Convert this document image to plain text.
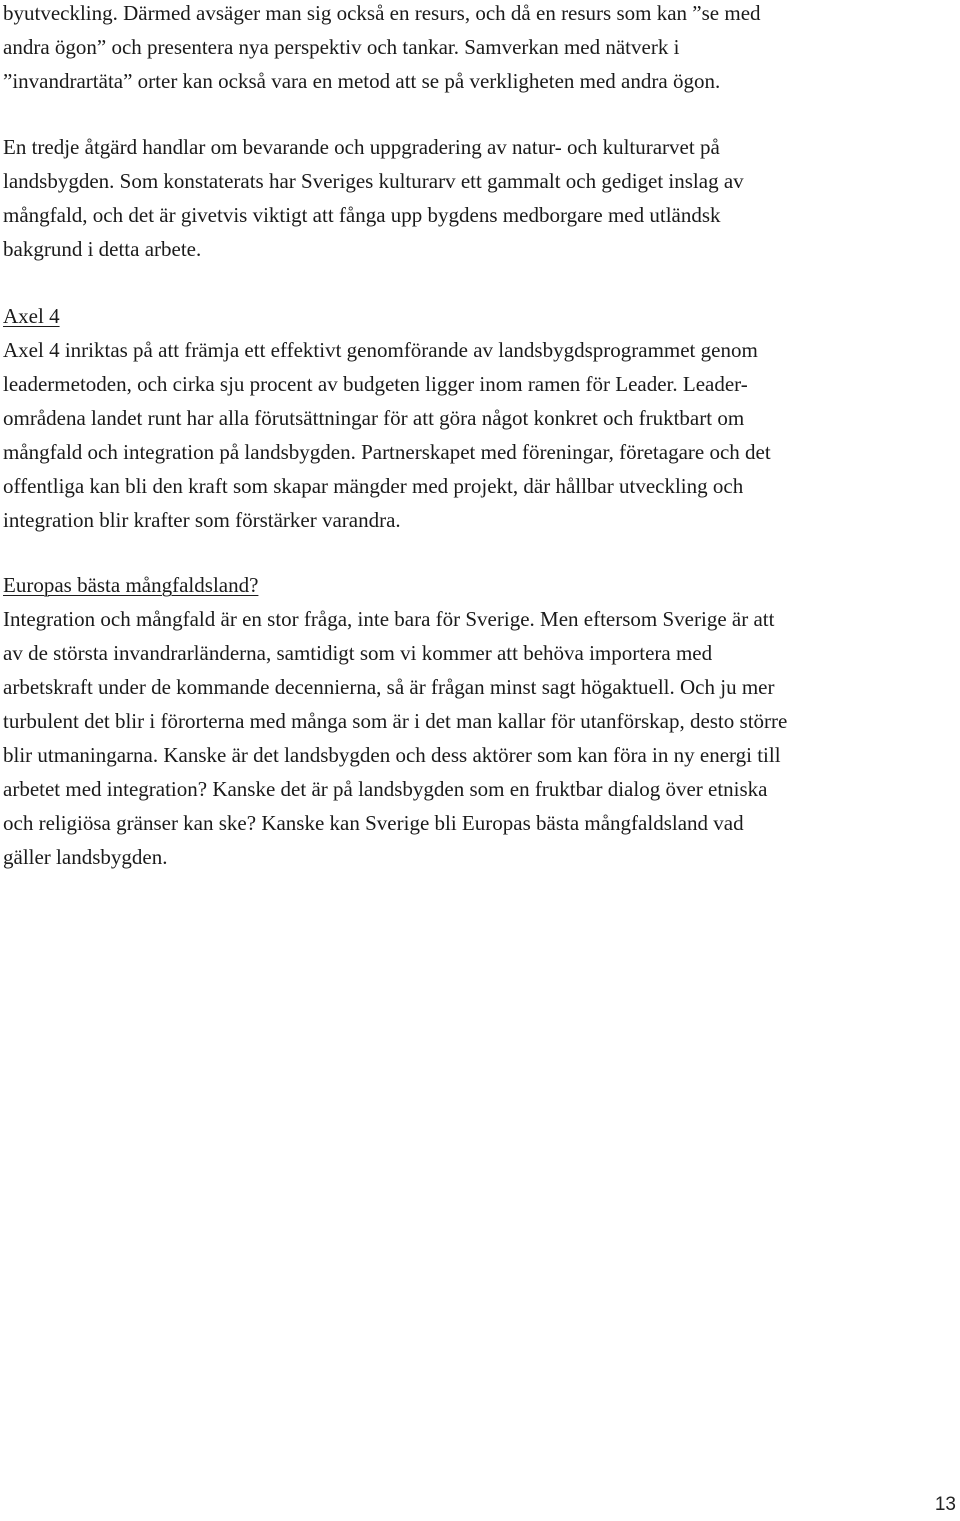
byutveckling. Därmed avsäger man sig också en resurs, och då en resurs som kan ”se med
andra ögon” och presentera nya perspektiv och tankar. Samverkan med nätverk i
”invandrartäta” orter kan också vara en metod att se på verkligheten med andra ögon.
En tredje åtgärd handlar om bevarande och uppgradering av natur- och kulturarvet på
landsbygden. Som konstaterats har Sveriges kulturarv ett gammalt och gediget inslag av
mångfald, och det är givetvis viktigt att fånga upp bygdens medborgare med utländsk
bakgrund i detta arbete.
Axel 4
Axel 4 inriktas på att främja ett effektivt genomförande av landsbygdsprogrammet genom
leadermetoden, och cirka sju procent av budgeten ligger inom ramen för Leader. Leader-
områdena landet runt har alla förutsättningar för att göra något konkret och fruktbart om
mångfald och integration på landsbygden. Partnerskapet med föreningar, företagare och det
offentliga kan bli den kraft som skapar mängder med projekt, där hållbar utveckling och
integration blir krafter som förstärker varandra.
Europas bästa mångfaldsland?
Integration och mångfald är en stor fråga, inte bara för Sverige. Men eftersom Sverige är att
av de största invandrarländerna, samtidigt som vi kommer att behöva importera med
arbetskraft under de kommande decennierna, så är frågan minst sagt högaktuell. Och ju mer
turbulent det blir i förorterna med många som är i det man kallar för utanförskap, desto större
blir utmaningarna. Kanske är det landsbygden och dess aktörer som kan föra in ny energi till
arbetet med integration? Kanske det är på landsbygden som en fruktbar dialog över etniska
och religiösa gränser kan ske? Kanske kan Sverige bli Europas bästa mångfaldsland vad
gäller landsbygden.
13
